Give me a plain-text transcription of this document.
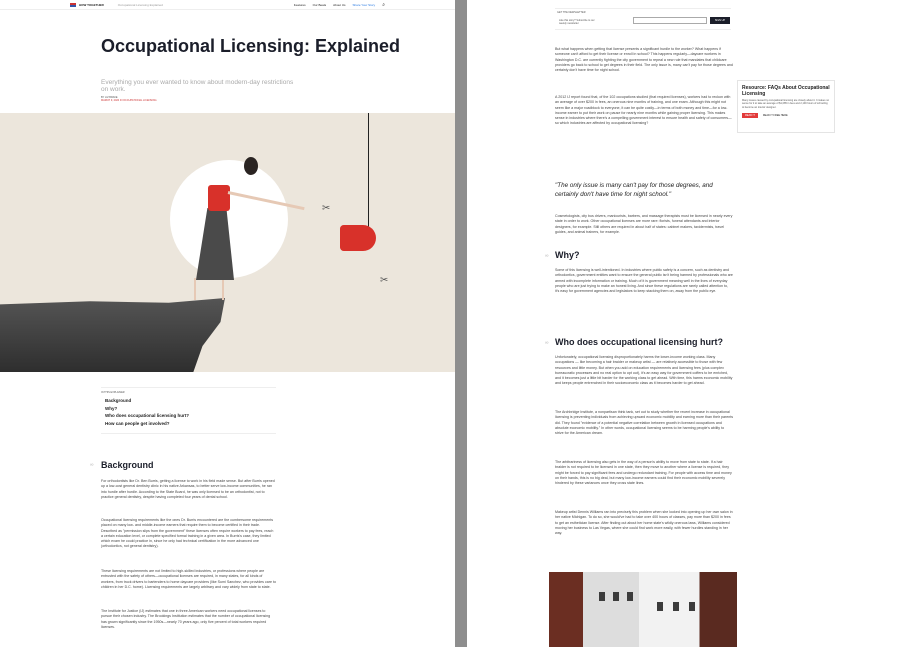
HOW TOGETHER	Occupational Licensing Explained	Features Our Beats About Us Share Your Story ⌕
Occupational Licensing: Explained
Everything you ever wanted to know about modern-day restrictions on work.
BY LIZ BRAVE
MARCH 9, 2020 IN OCCUPATIONAL LICENSING
✂
✂
IN THIS EXPLAINER
Background
Why?
Who does occupational licensing hurt?
How can people get involved?
∞ Background
For orthodontists like Dr. Ben Burris, getting a license to work in his field made sense. But after Burris opened up a low-cost general dentistry clinic in his native Arkansas, to better serve low-income communities, he ran into hurdle after hurdle. According to the State Board, he was only licensed to be an orthodontist, not to practice general dentistry, despite having completed four years of dental school.
Occupational licensing requirements like the ones Dr. Burris encountered are the cumbersome requirements placed on many low- and middle-income earners that require them to become certified in their trade. Described as "permission slips from the government" these licenses often require workers to pay fees, reach a certain education level, or complete specified formal training in a given area. In Burris's case, they limited which exam he could practice in, since he only had technical certification in the more advanced one (orthodontics, not general dentistry).
These licensing requirements are not limited to high-skilled industries, or professions where people are entrusted with the safety of others—occupational licenses are required, in many states, for all kinds of workers, from truck drivers to bartenders to home daycare providers (like Sumi Sanchez, who provides care to children in her D.C. home). Licensing requirements are largely arbitrary and vary widely from state to state.
The Institute for Justice (IJ) estimates that one in three American workers need occupational licenses to pursue their chosen industry. The Brookings Institution estimates that the number of occupational licensing has grown significantly since the 1950s—nearly 70 years ago, only five percent of total workers required licenses.
GET THE NEWSLETTER
Like this story? Subscribe to our weekly newsletter
SIGN UP
But what happens when getting that license presents a significant hurdle to the worker? What happens if someone can't afford to get their license or enroll in school? This happens regularly—daycare workers in Washington D.C. are currently fighting the city government to repeal a new rule that mandates that childcare providers go back to school to get degrees in their field. The only issue is, many can't pay for those degrees and certainly don't have time for night school.
A 2012 IJ report found that, of the 102 occupations studied (that required licenses), workers had to reckon with an average of over $200 in fees, an onerous nine months of training, and one exam. Although this might not seem like a major roadblock to everyone, it can be quite costly—in terms of both money and time—for a low-income earner to put their work on pause for nearly nine months while gaining proper licensing. This makes sense in industries where there's a compelling government interest to ensure health and safety of consumers—so which industries are affected by occupational licensing?
"The only issue is many can't pay for those degrees, and certainly don't have time for night school."
Cosmetologists, city bus drivers, manicurists, barbers, and massage therapists must be licensed in nearly every state in order to work. Other occupational licenses are more rare: florists, funeral attendants and interior designers, for example. Still others are required in about half of states: cabinet makers, taxidermists, travel guides, and animal trainers, for example.
∞ Why?
Some of this licensing is well-intentioned. In industries where public safety is a concern, such as dentistry and orthodontics, government entities want to ensure the general public isn't being harmed by professionals who are armed with incomplete information or training. Much of it is government meaning well in the lives of everyday people who are just trying to make an honest living. And since these regulations are rarely called attention to, it's easy for government agencies and legislators to keep stacking them on, away from the public eye.
∞ Who does occupational licensing hurt?
Unfortunately, occupational licensing disproportionately harms the lower-income working class. Many occupations — like becoming a hair braider or makeup artist — are relatively accessible to those with few resources and little money. But when you add on education requirements and licensing fees (plus complex bureaucratic processes and no real option to opt out), it's an easy way for government coffers to be enriched, and it becomes just a little bit harder for the working class to get ahead. With time, this harms economic mobility and keeps people entrenched in their socioeconomic class as it becomes harder to get ahead.
The Archbridge Institute, a nonpartisan think tank, set out to study whether the recent increase in occupational licensing is preventing individuals from achieving upward economic mobility and earning more than their parents did. They found "evidence of a potential negative correlation between growth in licensed occupations and absolute economic mobility." In other words, occupational licensing seems to be harming people's ability to strive for the American dream.
The arbitrariness of licensing also gets in the way of a person's ability to move from state to state. If a hair braider is not required to be licensed in one state, then they move to another where a license is required, they might be forced to pay significant fees and undergo redundant training. For people with access time and money on their hands, this is no big deal, but many low-income earners could find their economic mobility severely hindered by these variances once they cross state lines.
Makeup artist Dennis Williams ran into precisely this problem when she looked into opening up her own salon in her native Michigan. To do so, she would've had to take over 400 hours of classes, pay more than $200 in fees to get an esthetician license. After finding out about her home state's wildly onerous laws, Williams considered moving her business to Las Vegas, where she could find work more easily, with fewer hurdles standing in her way.
Resource: FAQs About Occupational Licensing
Many issues caused by occupational licensing are closely about it. It makes no sense for it to take an average of $1,085 in fees and 2,100 hours of schooling to become an interior designer.
READ IT	READ IT FREE HERE
